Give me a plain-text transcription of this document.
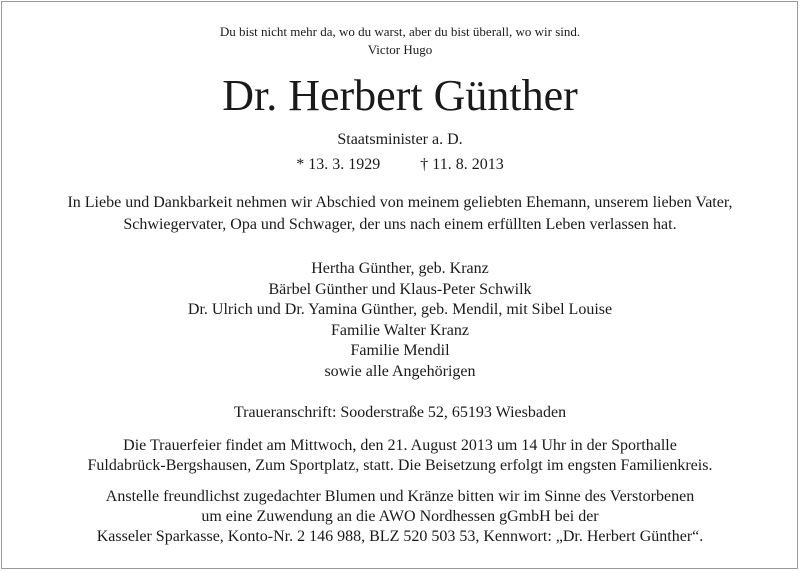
Du bist nicht mehr da, wo du warst, aber du bist überall, wo wir sind.
Victor Hugo
Dr. Herbert Günther
Staatsminister a. D.
* 13. 3. 1929	† 11. 8. 2013
In Liebe und Dankbarkeit nehmen wir Abschied von meinem geliebten Ehemann, unserem lieben Vater,
Schwiegervater, Opa und Schwager, der uns nach einem erfüllten Leben verlassen hat.
Hertha Günther, geb. Kranz
Bärbel Günther und Klaus-Peter Schwilk
Dr. Ulrich und Dr. Yamina Günther, geb. Mendil, mit Sibel Louise
Familie Walter Kranz
Familie Mendil
sowie alle Angehörigen
Traueranschrift: Sooderstraße 52, 65193 Wiesbaden
Die Trauerfeier findet am Mittwoch, den 21. August 2013 um 14 Uhr in der Sporthalle
Fuldabrück-Bergshausen, Zum Sportplatz, statt. Die Beisetzung erfolgt im engsten Familienkreis.
Anstelle freundlichst zugedachter Blumen und Kränze bitten wir im Sinne des Verstorbenen
um eine Zuwendung an die AWO Nordhessen gGmbH bei der
Kasseler Sparkasse, Konto-Nr. 2 146 988, BLZ 520 503 53, Kennwort: „Dr. Herbert Günther“.
